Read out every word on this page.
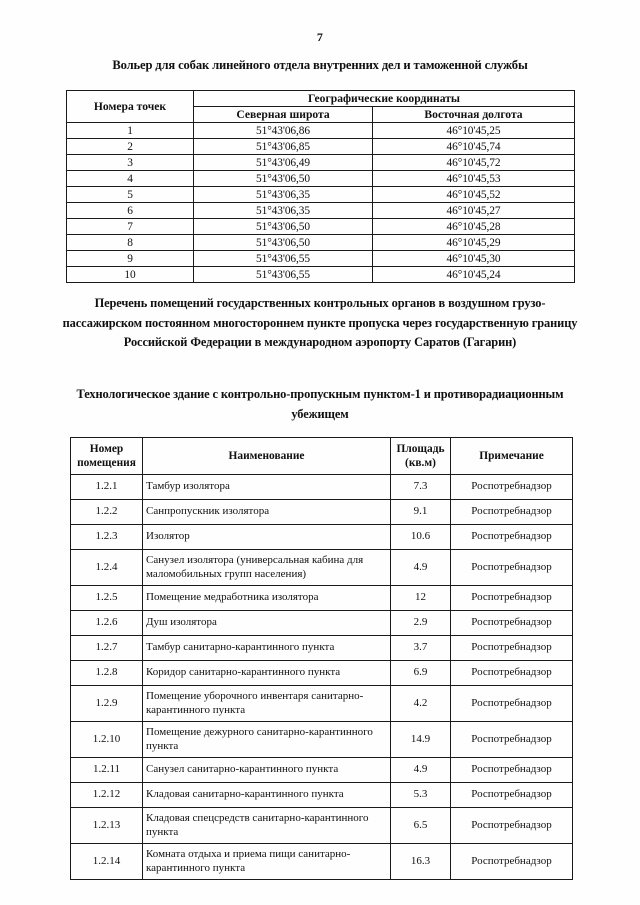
7
Вольер для собак линейного отдела внутренних дел и таможенной службы
Номера точек	Географические координаты	
	Северная широта	Восточная долгота
1	51°43'06,86	46°10'45,25
2	51°43'06,85	46°10'45,74
3	51°43'06,49	46°10'45,72
4	51°43'06,50	46°10'45,53
5	51°43'06,35	46°10'45,52
6	51°43'06,35	46°10'45,27
7	51°43'06,50	46°10'45,28
8	51°43'06,50	46°10'45,29
9	51°43'06,55	46°10'45,30
10	51°43'06,55	46°10'45,24
Перечень помещений государственных контрольных органов в воздушном грузо-пассажирском постоянном многостороннем пункте пропуска через государственную границу Российской Федерации в международном аэропорту Саратов (Гагарин)
Технологическое здание с контрольно-пропускным пунктом-1 и противорадиационным убежищем
Номер помещения	Наименование	Площадь (кв.м)	Примечание
1.2.1	Тамбур изолятора	7.3	Роспотребнадзор
1.2.2	Санпропускник изолятора	9.1	Роспотребнадзор
1.2.3	Изолятор	10.6	Роспотребнадзор
1.2.4	Санузел изолятора (универсальная кабина для маломобильных групп населения)	4.9	Роспотребнадзор
1.2.5	Помещение медработника изолятора	12	Роспотребнадзор
1.2.6	Душ изолятора	2.9	Роспотребнадзор
1.2.7	Тамбур санитарно-карантинного пункта	3.7	Роспотребнадзор
1.2.8	Коридор санитарно-карантинного пункта	6.9	Роспотребнадзор
1.2.9	Помещение уборочного инвентаря санитарно-карантинного пункта	4.2	Роспотребнадзор
1.2.10	Помещение дежурного санитарно-карантинного пункта	14.9	Роспотребнадзор
1.2.11	Санузел санитарно-карантинного пункта	4.9	Роспотребнадзор
1.2.12	Кладовая санитарно-карантинного пункта	5.3	Роспотребнадзор
1.2.13	Кладовая спецсредств санитарно-карантинного пункта	6.5	Роспотребнадзор
1.2.14	Комната отдыха и приема пищи санитарно-карантинного пункта	16.3	Роспотребнадзор
